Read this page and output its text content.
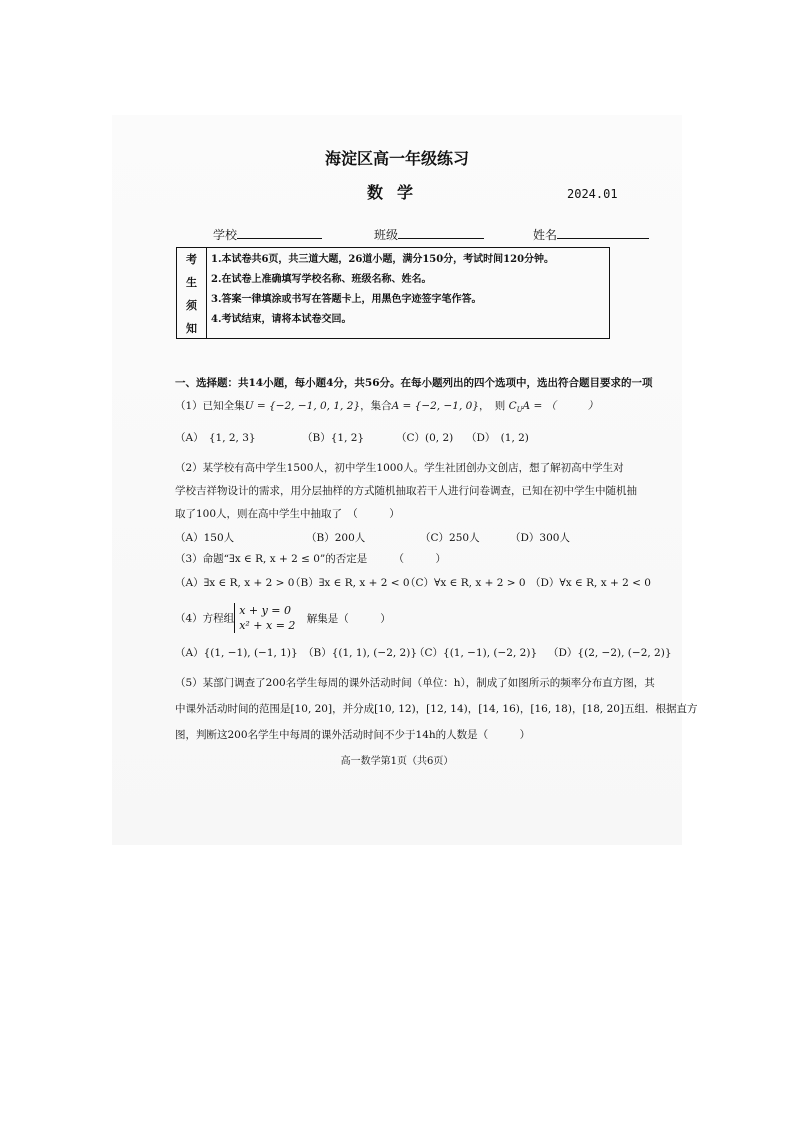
海淀区高一年级练习
数学	2024.01
学校	班级	姓名
考
生
须
知
1.本试卷共6页，共三道大题，26道小题，满分150分，考试时间120分钟。
2.在试卷上准确填写学校名称、班级名称、姓名。
3.答案一律填涂或书写在答题卡上，用黑色字迹签字笔作答。
4.考试结束，请将本试卷交回。
一、选择题：共14小题，每小题4分，共56分。在每小题列出的四个选项中，选出符合题目要求的一项
（1）已知全集U = {−2, −1, 0, 1, 2}，集合A = {−2, −1, 0}，　则 $C_UA$ = （　　　）
（A）　{1, 2, 3}	（B）{1, 2}	（C）(0, 2) （D）　(1, 2)
（2）某学校有高中学生1500人，初中学生1000人。学生社团创办文创店，想了解初高中学生对
学校吉祥物设计的需求，用分层抽样的方式随机抽取若干人进行问卷调查，已知在初中学生中随机抽
取了100人，则在高中学生中抽取了　（　　　）
（A）150人	（B）200人	（C）250人	（D）300人
（3）命题“∃x ∈ R, x + 2 ≤ 0”的否定是　　　（　　　）
（A）∃x ∈ R, x + 2 > 0
（B）∃x ∈ R, x + 2 < 0
（C）∀x ∈ R, x + 2 > 0 （D）∀x ∈ R, x + 2 < 0
（4）方程组
x + y = 0
x² + x = 2
解集是（　　　）
（A）{(1, −1), (−1, 1)} （B）{(1, 1), (−2, 2)}
（C）{(1, −1), (−2, 2)} （D）{(2, −2), (−2, 2)}
（5）某部门调查了200名学生每周的课外活动时间（单位：h），制成了如图所示的频率分布直方图，其
中课外活动时间的范围是[10, 20]，并分成[10, 12)，[12, 14)，[14, 16)，[16, 18)，[18, 20]五组．根据直方
图，判断这200名学生中每周的课外活动时间不少于14h的人数是（　　　）
高一数学第1页（共6页）
